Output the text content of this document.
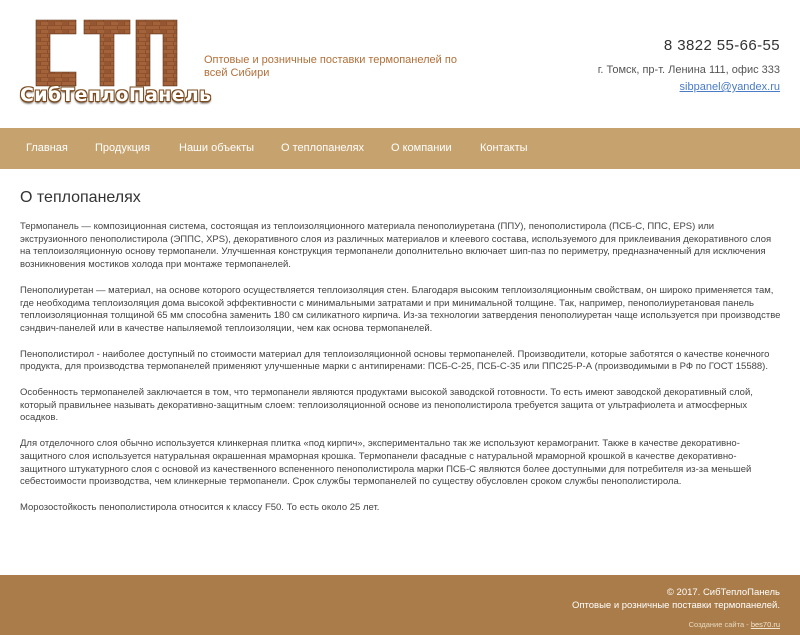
СибТеплоПанель
Оптовые и розничные поставки термопанелей по всей Сибири
8 3822 55-66-55
г. Томск, пр-т. Ленина 111, офис 333
sibpanel@yandex.ru
Главная Продукция	Наши объекты О теплопанелях О компании	Контакты
О теплопанелях

Термопанель — композиционная система, состоящая из теплоизоляционного материала пенополиуретана (ППУ), пенополистирола (ПСБ-С, ППС, EPS) или экструзионного пенополистирола (ЭППС, XPS), декоративного слоя из различных материалов и клеевого состава, используемого для приклеивания декоративного слоя на теплоизоляционную основу термопанели. Улучшенная конструкция термопанели дополнительно включает шип-паз по периметру, предназначенный для исключения возникновения мостиков холода при монтаже термопанелей.

Пенополиуретан — материал, на основе которого осуществляется теплоизоляция стен. Благодаря высоким теплоизоляционным свойствам, он широко применяется там, где необходима теплоизоляция дома высокой эффективности с минимальными затратами и при минимальной толщине. Так, например, пенополиуретановая панель теплоизоляционная толщиной 65 мм способна заменить 180 см силикатного кирпича. Из-за технологии затвердения пенополиуретан чаще используется при производстве сэндвич-панелей или в качестве напыляемой теплоизоляции, чем как основа термопанелей.

Пенополистирол - наиболее доступный по стоимости материал для теплоизоляционной основы термопанелей. Производители, которые заботятся о качестве конечного продукта, для производства термопанелей применяют улучшенные марки с антипиренами: ПСБ-С-25, ПСБ-С-35 или ППС25-Р-А (производимыми в РФ по ГОСТ 15588).

Особенность термопанелей заключается в том, что термопанели являются продуктами высокой заводской готовности. То есть имеют заводской декоративный слой, который правильнее называть декоративно-защитным слоем: теплоизоляционной основе из пенополистирола требуется защита от ультрафиолета и атмосферных осадков.

Для отделочного слоя обычно используется клинкерная плитка «под кирпич», экспериментально так же используют керамогранит. Также в качестве декоративно-защитного слоя используется натуральная окрашенная мраморная крошка. Термопанели фасадные с натуральной мраморной крошкой в качестве декоративно-защитного штукатурного слоя с основой из качественного вспененного пенополистирола марки ПСБ-С являются более доступными для потребителя из-за меньшей себестоимости производства, чем клинкерные термопанели. Срок службы термопанелей по существу обусловлен сроком службы пенополистирола.

Морозостойкость пенополистирола относится к классу F50. То есть около 25 лет.

© 2017. СибТеплоПанель
Оптовые и розничные поставки термопанелей.
Создание сайта - bes70.ru
